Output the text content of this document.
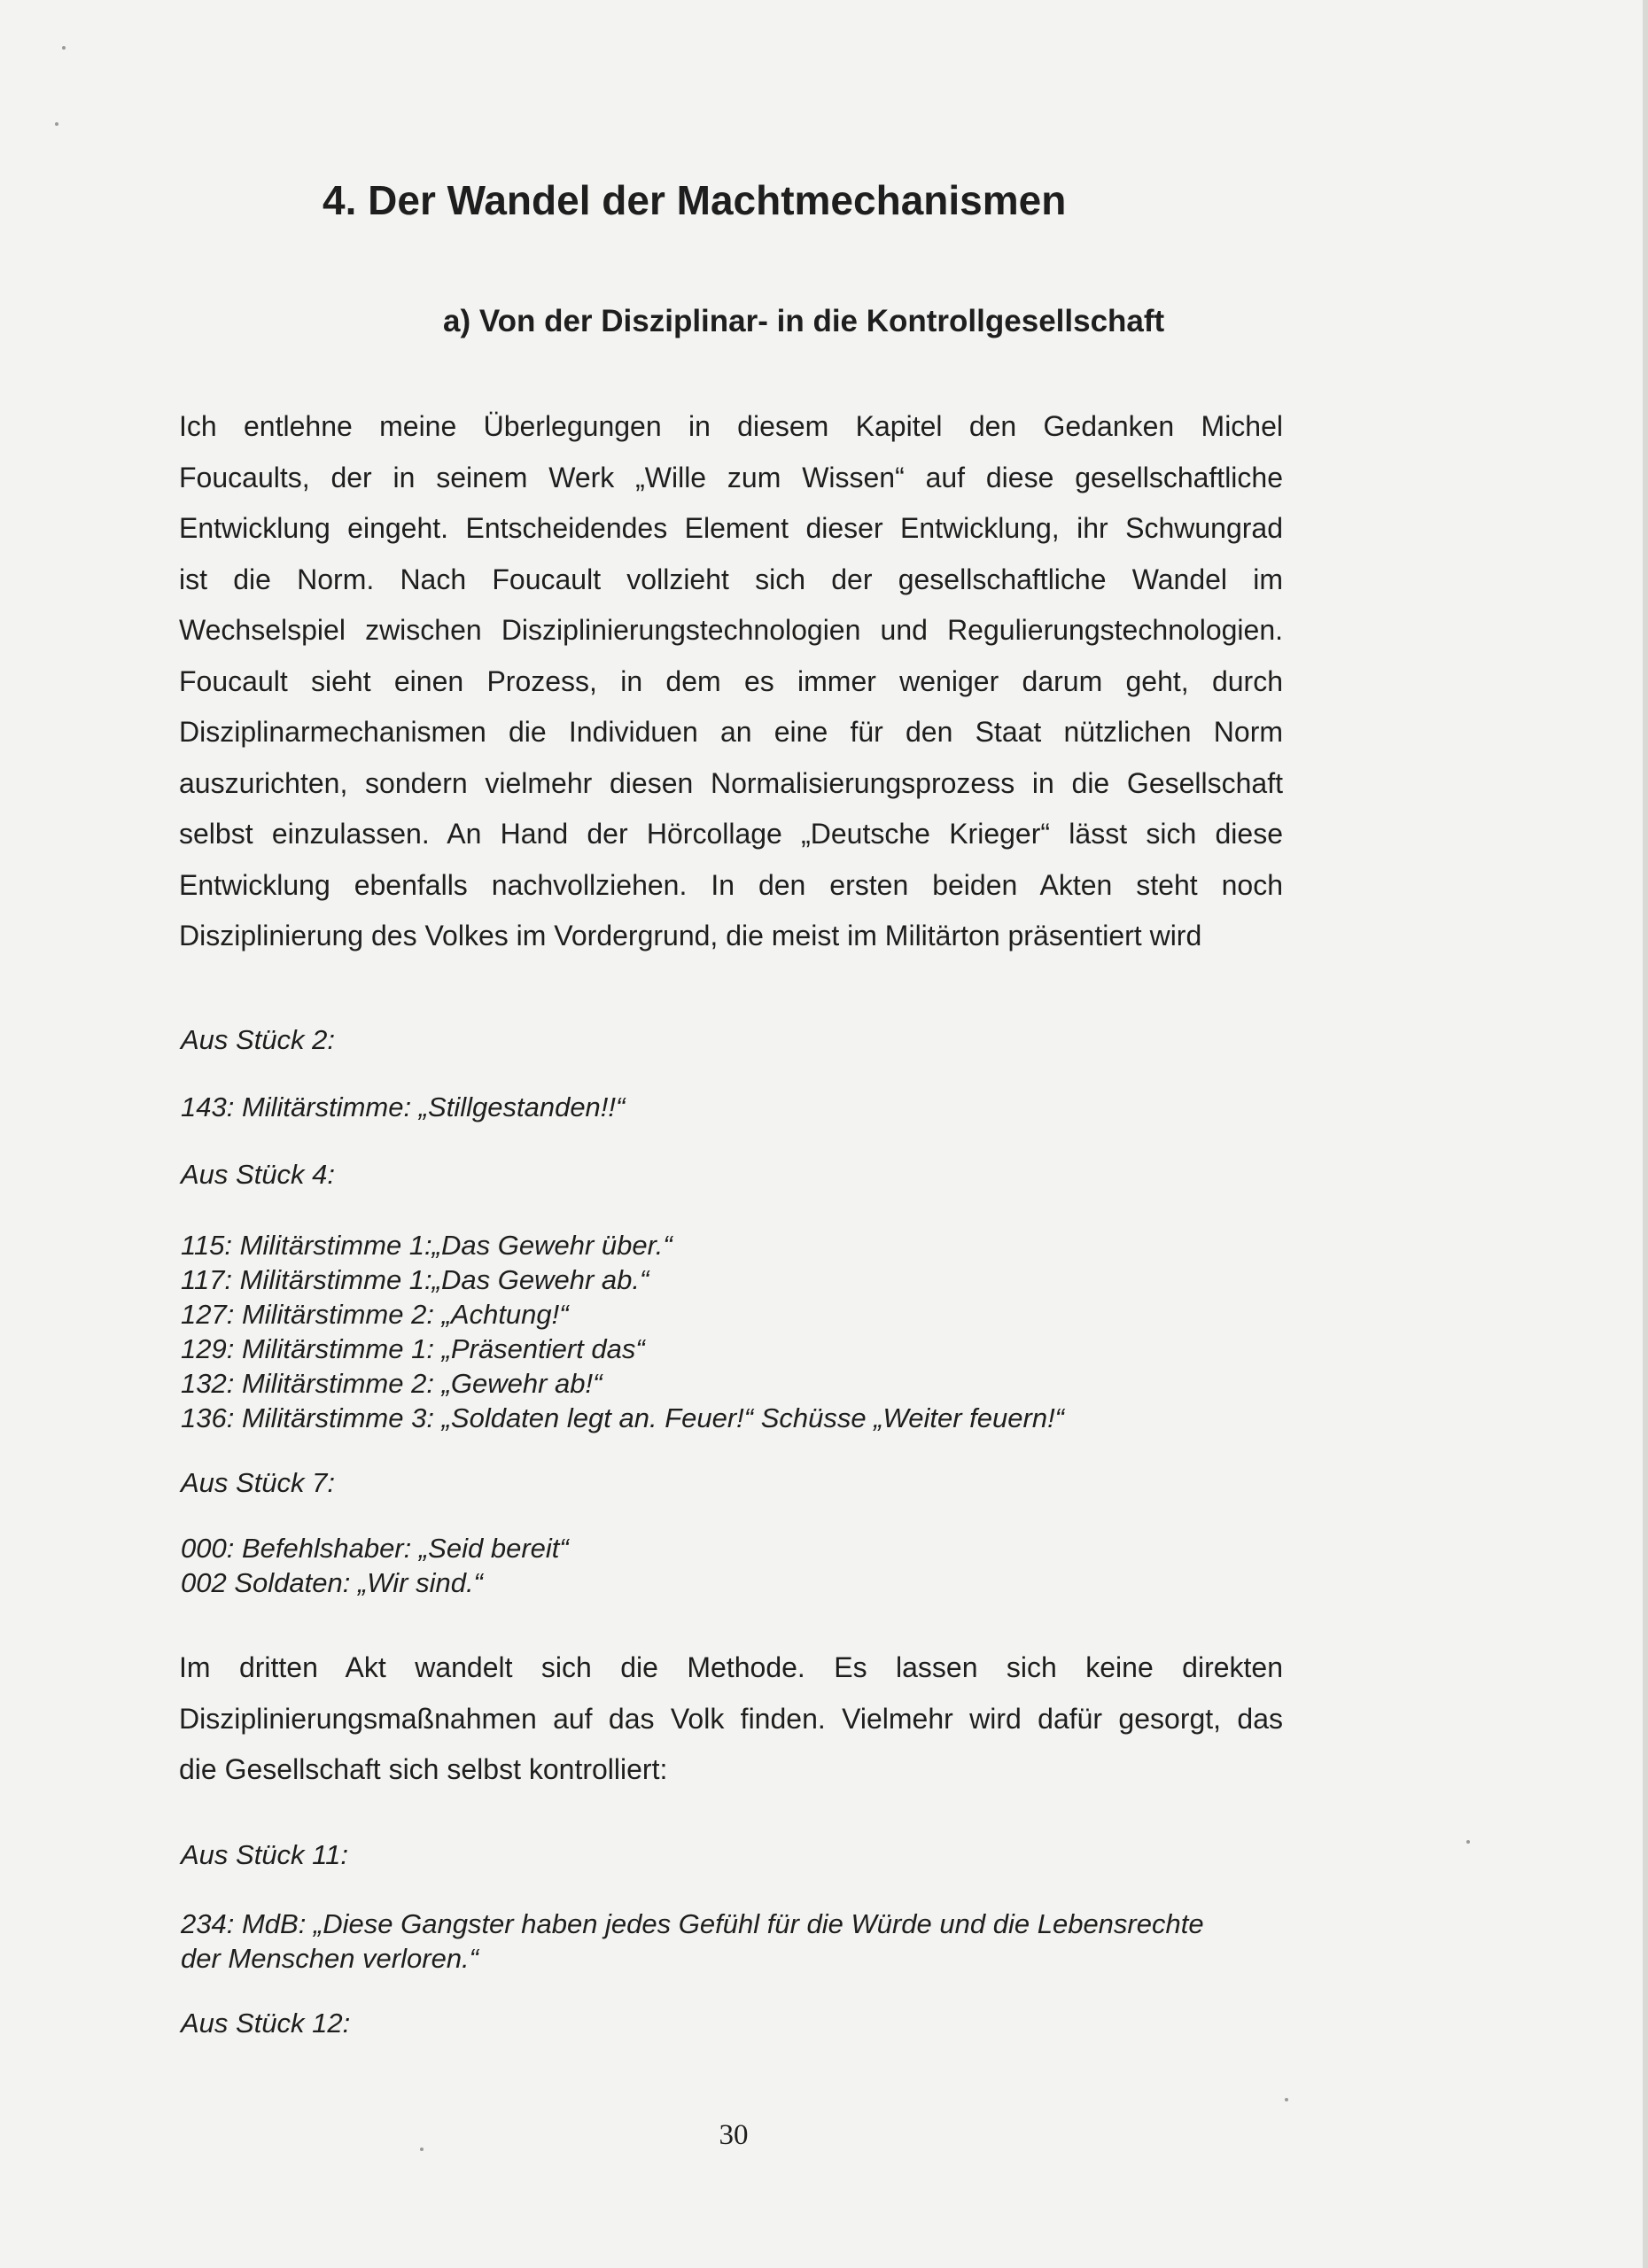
4. Der Wandel der Machtmechanismen
a) Von der Disziplinar- in die Kontrollgesellschaft

Ich entlehne meine Überlegungen in diesem Kapitel den Gedanken Michel
Foucaults, der in seinem Werk „Wille zum Wissen“ auf diese gesellschaftliche
Entwicklung eingeht. Entscheidendes Element dieser Entwicklung, ihr Schwungrad
ist die Norm. Nach Foucault vollzieht sich der gesellschaftliche Wandel im
Wechselspiel zwischen Disziplinierungstechnologien und Regulierungstechnologien.
Foucault sieht einen Prozess, in dem es immer weniger darum geht, durch
Disziplinarmechanismen die Individuen an eine für den Staat nützlichen Norm
auszurichten, sondern vielmehr diesen Normalisierungsprozess in die Gesellschaft
selbst einzulassen. An Hand der Hörcollage „Deutsche Krieger“ lässt sich diese
Entwicklung ebenfalls nachvollziehen. In den ersten beiden Akten steht noch
Disziplinierung des Volkes im Vordergrund, die meist im Militärton präsentiert wird

Aus Stück 2:

143: Militärstimme: „Stillgestanden!!“

Aus Stück 4:

115: Militärstimme 1:„Das Gewehr über.“
117: Militärstimme 1:„Das Gewehr ab.“
127: Militärstimme 2: „Achtung!“
129: Militärstimme 1: „Präsentiert das“
132: Militärstimme 2: „Gewehr ab!“
136: Militärstimme 3: „Soldaten legt an. Feuer!“ Schüsse „Weiter feuern!“

Aus Stück 7:

000: Befehlshaber: „Seid bereit“
002 Soldaten: „Wir sind.“

Im dritten Akt wandelt sich die Methode. Es lassen sich keine direkten
Disziplinierungsmaßnahmen auf das Volk finden. Vielmehr wird dafür gesorgt, das
die Gesellschaft sich selbst kontrolliert:

Aus Stück 11:

234: MdB: „Diese Gangster haben jedes Gefühl für die Würde und die Lebensrechte
der Menschen verloren.“

Aus Stück 12:

30
